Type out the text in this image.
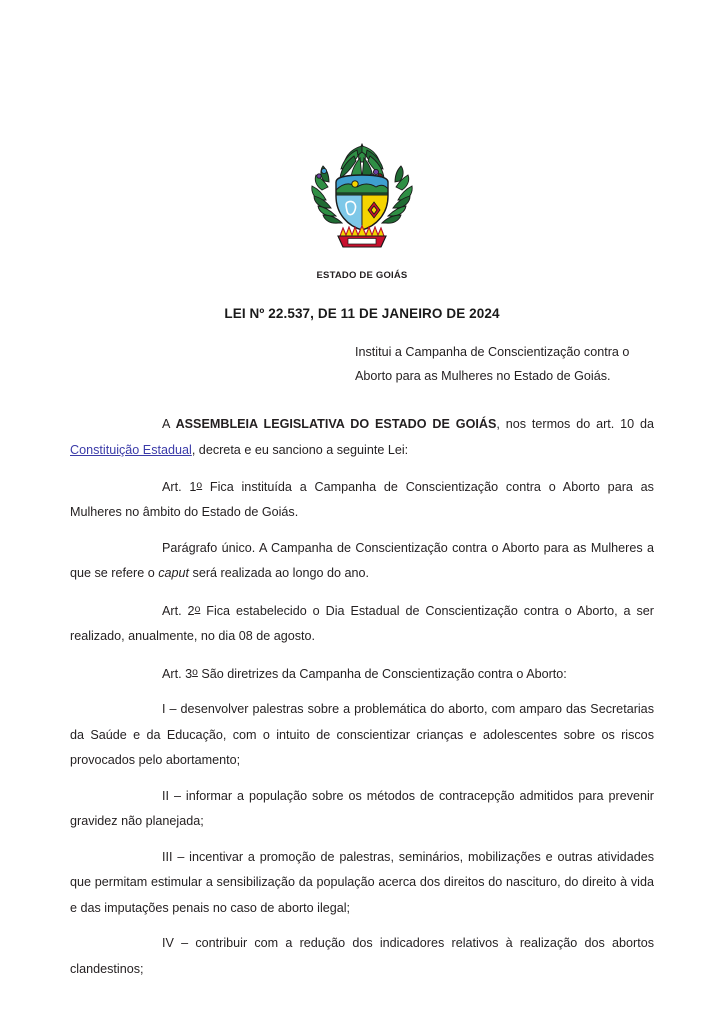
ESTADO DE GOIÁS
LEI Nº 22.537, DE 11 DE JANEIRO DE 2024
Institui a Campanha de Conscientização contra o
Aborto para as Mulheres no Estado de Goiás.

A ASSEMBLEIA LEGISLATIVA DO ESTADO DE GOIÁS, nos termos do art. 10 da Constituição Estadual, decreta e eu sanciono a seguinte Lei:

Art. 1$^o$ Fica instituída a Campanha de Conscientização contra o Aborto para as Mulheres no âmbito do Estado de Goiás.

Parágrafo único. A Campanha de Conscientização contra o Aborto para as Mulheres a que se refere o caput será realizada ao longo do ano.

Art. 2$^o$ Fica estabelecido o Dia Estadual de Conscientização contra o Aborto, a ser realizado, anualmente, no dia 08 de agosto.

Art. 3$^o$ São diretrizes da Campanha de Conscientização contra o Aborto:

I – desenvolver palestras sobre a problemática do aborto, com amparo das Secretarias da Saúde e da Educação, com o intuito de conscientizar crianças e adolescentes sobre os riscos provocados pelo abortamento;

II – informar a população sobre os métodos de contracepção admitidos para prevenir gravidez não planejada;

III – incentivar a promoção de palestras, seminários, mobilizações e outras atividades que permitam estimular a sensibilização da população acerca dos direitos do nascituro, do direito à vida e das imputações penais no caso de aborto ilegal;

IV – contribuir com a redução dos indicadores relativos à realização dos abortos clandestinos;
